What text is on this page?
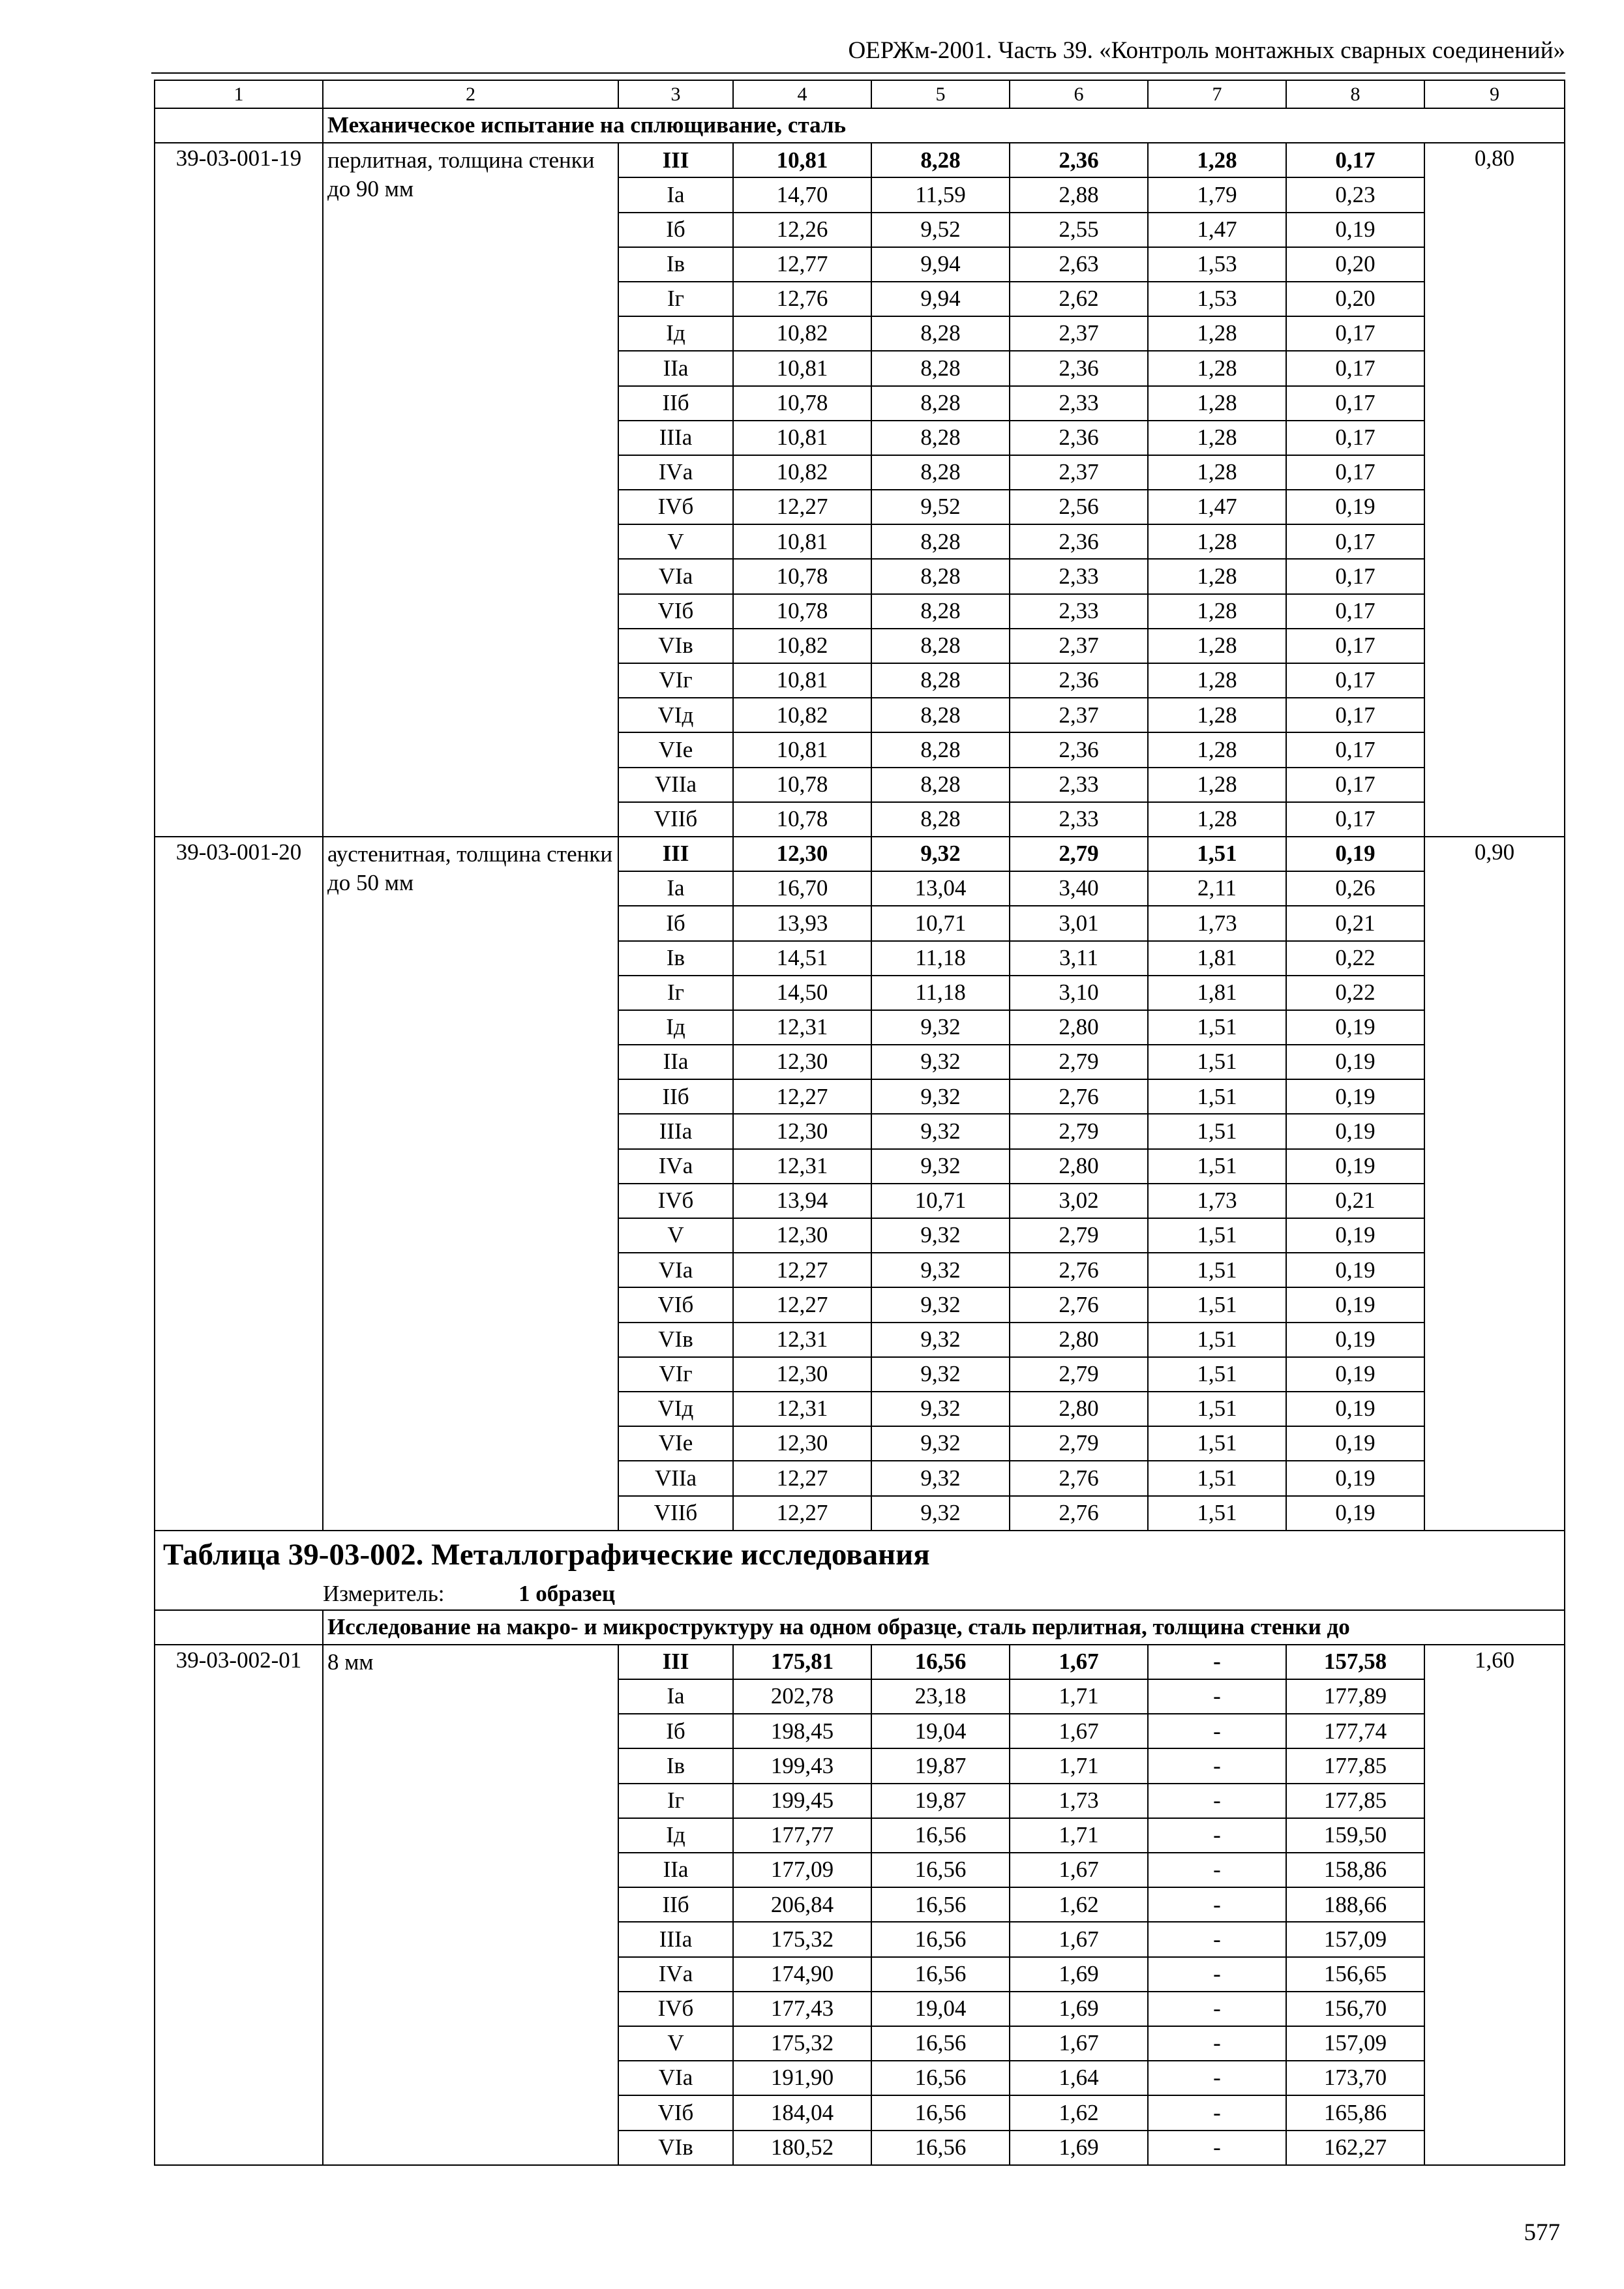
ОЕРЖм-2001. Часть 39. «Контроль монтажных сварных соединений»
1	2	3	4	5	6	7	8	9
	Механическое испытание на сплющивание, сталь							
39-03-001-19	перлитная, толщина стенки до 90 мм	III	10,81	8,28	2,36	1,28	0,17	0,80
		Iа	14,70	11,59	2,88	1,79	0,23	
		Iб	12,26	9,52	2,55	1,47	0,19	
		Iв	12,77	9,94	2,63	1,53	0,20	
		Iг	12,76	9,94	2,62	1,53	0,20	
		Iд	10,82	8,28	2,37	1,28	0,17	
		IIа	10,81	8,28	2,36	1,28	0,17	
		IIб	10,78	8,28	2,33	1,28	0,17	
		IIIа	10,81	8,28	2,36	1,28	0,17	
		IVа	10,82	8,28	2,37	1,28	0,17	
		IVб	12,27	9,52	2,56	1,47	0,19	
		V	10,81	8,28	2,36	1,28	0,17	
		VIа	10,78	8,28	2,33	1,28	0,17	
		VIб	10,78	8,28	2,33	1,28	0,17	
		VIв	10,82	8,28	2,37	1,28	0,17	
		VIг	10,81	8,28	2,36	1,28	0,17	
		VIд	10,82	8,28	2,37	1,28	0,17	
		VIе	10,81	8,28	2,36	1,28	0,17	
		VIIа	10,78	8,28	2,33	1,28	0,17	
		VIIб	10,78	8,28	2,33	1,28	0,17	
39-03-001-20	аустенитная, толщина стенки до 50 мм	III	12,30	9,32	2,79	1,51	0,19	0,90
		Iа	16,70	13,04	3,40	2,11	0,26	
		Iб	13,93	10,71	3,01	1,73	0,21	
		Iв	14,51	11,18	3,11	1,81	0,22	
		Iг	14,50	11,18	3,10	1,81	0,22	
		Iд	12,31	9,32	2,80	1,51	0,19	
		IIа	12,30	9,32	2,79	1,51	0,19	
		IIб	12,27	9,32	2,76	1,51	0,19	
		IIIа	12,30	9,32	2,79	1,51	0,19	
		IVа	12,31	9,32	2,80	1,51	0,19	
		IVб	13,94	10,71	3,02	1,73	0,21	
		V	12,30	9,32	2,79	1,51	0,19	
		VIа	12,27	9,32	2,76	1,51	0,19	
		VIб	12,27	9,32	2,76	1,51	0,19	
		VIв	12,31	9,32	2,80	1,51	0,19	
		VIг	12,30	9,32	2,79	1,51	0,19	
		VIд	12,31	9,32	2,80	1,51	0,19	
		VIе	12,30	9,32	2,79	1,51	0,19	
		VIIа	12,27	9,32	2,76	1,51	0,19	
		VIIб	12,27	9,32	2,76	1,51	0,19	
Таблица 39-03-002. Металлографические исследования								
Измеритель: 1 образец								
	Исследование на макро- и микроструктуру на одном образце, сталь перлитная, толщина стенки до							
39-03-002-01	8 мм	III	175,81	16,56	1,67	-	157,58	1,60
		Iа	202,78	23,18	1,71	-	177,89	
		Iб	198,45	19,04	1,67	-	177,74	
		Iв	199,43	19,87	1,71	-	177,85	
		Iг	199,45	19,87	1,73	-	177,85	
		Iд	177,77	16,56	1,71	-	159,50	
		IIа	177,09	16,56	1,67	-	158,86	
		IIб	206,84	16,56	1,62	-	188,66	
		IIIа	175,32	16,56	1,67	-	157,09	
		IVа	174,90	16,56	1,69	-	156,65	
		IVб	177,43	19,04	1,69	-	156,70	
		V	175,32	16,56	1,67	-	157,09	
		VIа	191,90	16,56	1,64	-	173,70	
		VIб	184,04	16,56	1,62	-	165,86	
		VIв	180,52	16,56	1,69	-	162,27	
577
